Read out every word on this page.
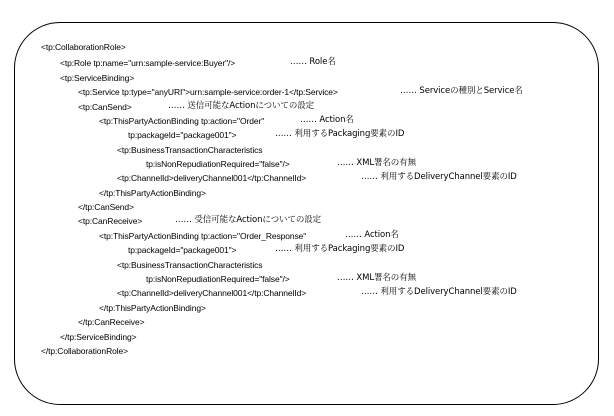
<tp:CollaborationRole>

<tp:Role tp:name="urn:sample-service:Buyer"/>

<tp:ServiceBinding>

<tp:Service tp:type="anyURI">urn:sample-service:order-1</tp:Service>

<tp:CanSend>

<tp:ThisPartyActionBinding tp:action="Order"

tp:packageId="package001">

<tp:BusinessTransactionCharacteristics

tp:isNonRepudiationRequired="false"/>

<tp:ChannelId>deliveryChannel001</tp:ChannelId>

</tp:ThisPartyActionBinding>

</tp:CanSend>

<tp:CanReceive>

<tp:ThisPartyActionBinding tp:action="Order_Response"

tp:packageId="package001">

<tp:BusinessTransactionCharacteristics

tp:isNonRepudiationRequired="false"/>

<tp:ChannelId>deliveryChannel001</tp:ChannelId>

</tp:ThisPartyActionBinding>

</tp:CanReceive>

</tp:ServiceBinding>

</tp:CollaborationRole>

…… Role名

…… Serviceの種別とService名

…… 送信可能なActionについての設定

…… Action名

…… 利用するPackaging要素のID

…… XML署名の有無

…… 利用するDeliveryChannel要素のID

…… 受信可能なActionについての設定

…… Action名

…… 利用するPackaging要素のID

…… XML署名の有無

…… 利用するDeliveryChannel要素のID
